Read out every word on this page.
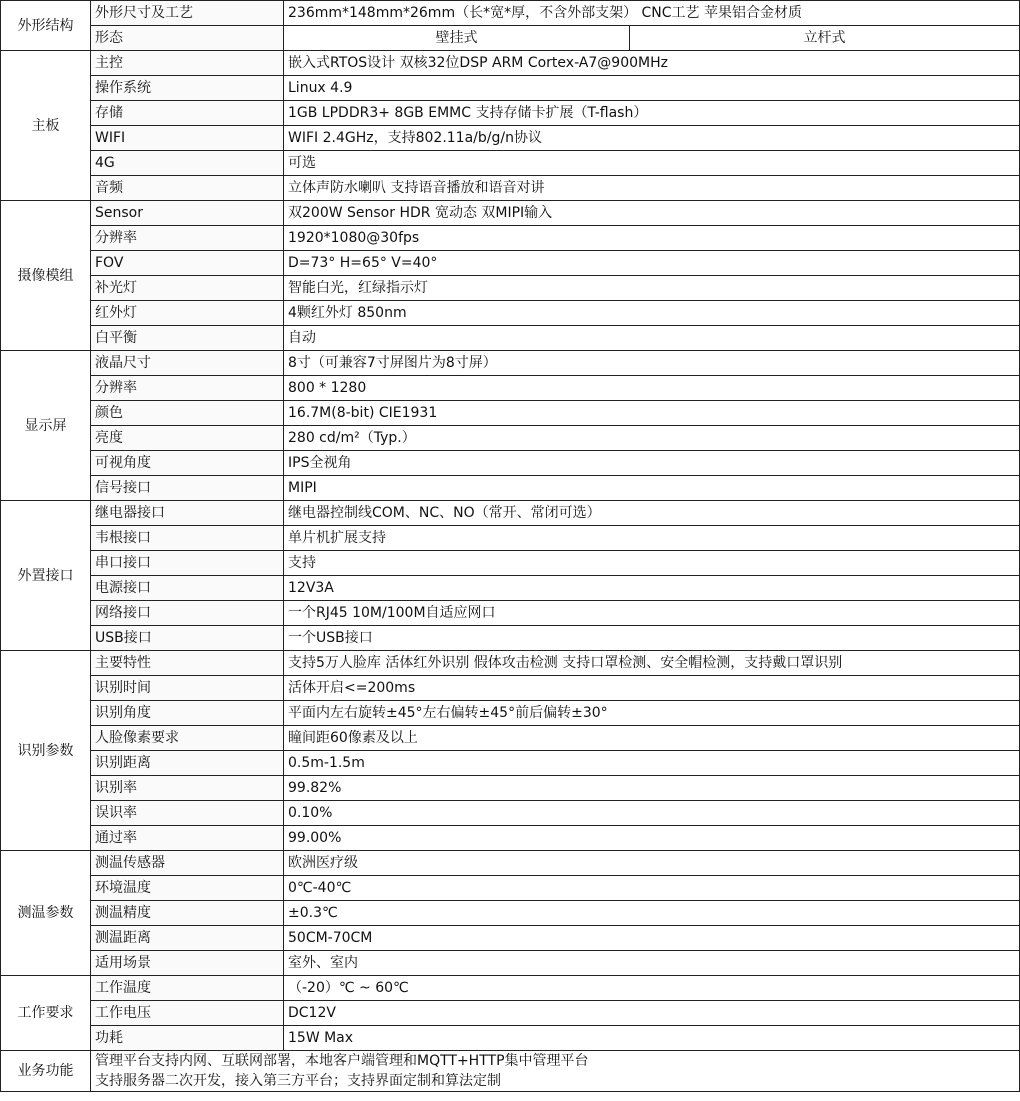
外形结构	外形尺寸及工艺	236mm*148mm*26mm（长*宽*厚，不含外部支架） CNC工艺 苹果铝合金材质	
	形态	壁挂式	立杆式
主板	主控	嵌入式RTOS设计 双核32位DSP ARM Cortex-A7@900MHz	
	操作系统	Linux 4.9	
	存储	1GB LPDDR3+ 8GB EMMC 支持存储卡扩展（T-flash）	
	WIFI	WIFI 2.4GHz，支持802.11a/b/g/n协议	
	4G	可选	
	音频	立体声防水喇叭 支持语音播放和语音对讲	
摄像模组	Sensor	双200W Sensor HDR 宽动态 双MIPI输入	
	分辨率	1920*1080@30fps	
	FOV	D=73° H=65° V=40°	
	补光灯	智能白光，红绿指示灯	
	红外灯	4颗红外灯 850nm	
	白平衡	自动	
显示屏	液晶尺寸	8寸（可兼容7寸屏图片为8寸屏）	
	分辨率	800 * 1280	
	颜色	16.7M(8-bit) CIE1931	
	亮度	280 cd/m²（Typ.）	
	可视角度	IPS全视角	
	信号接口	MIPI	
外置接口	继电器接口	继电器控制线COM、NC、NO（常开、常闭可选）	
	韦根接口	单片机扩展支持	
	串口接口	支持	
	电源接口	12V3A	
	网络接口	一个RJ45 10M/100M自适应网口	
	USB接口	一个USB接口	
识别参数	主要特性	支持5万人脸库 活体红外识别 假体攻击检测 支持口罩检测、安全帽检测，支持戴口罩识别	
	识别时间	活体开启<=200ms	
	识别角度	平面内左右旋转±45°左右偏转±45°前后偏转±30°	
	人脸像素要求	瞳间距60像素及以上	
	识别距离	0.5m-1.5m	
	识别率	99.82%	
	误识率	0.10%	
	通过率	99.00%	
测温参数	测温传感器	欧洲医疗级	
	环境温度	0℃-40℃	
	测温精度	±0.3℃	
	测温距离	50CM-70CM	
	适用场景	室外、室内	
工作要求	工作温度	（-20）℃ ~ 60℃	
	工作电压	DC12V	
	功耗	15W Max	
业务功能	管理平台支持内网、互联网部署，本地客户端管理和MQTT+HTTP集中管理平台
支持服务器二次开发，接入第三方平台；支持界面定制和算法定制		
